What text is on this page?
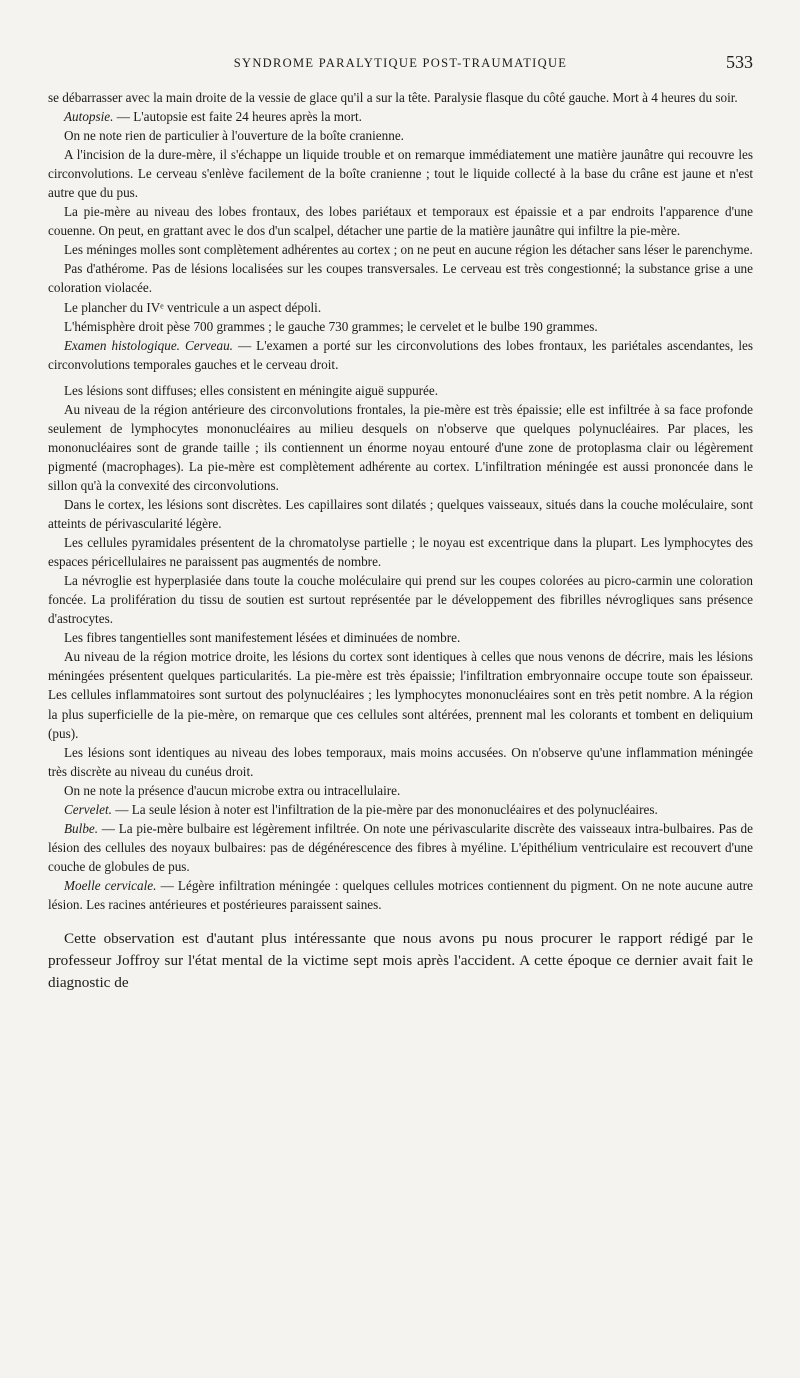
SYNDROME PARALYTIQUE POST-TRAUMATIQUE	533

se débarrasser avec la main droite de la vessie de glace qu'il a sur la tête. Paralysie flasque du côté gauche. Mort à 4 heures du soir.

Autopsie. — L'autopsie est faite 24 heures après la mort.

On ne note rien de particulier à l'ouverture de la boîte cranienne.

A l'incision de la dure-mère, il s'échappe un liquide trouble et on remarque immédiatement une matière jaunâtre qui recouvre les circonvolutions. Le cerveau s'enlève facilement de la boîte cranienne ; tout le liquide collecté à la base du crâne est jaune et n'est autre que du pus.

La pie-mère au niveau des lobes frontaux, des lobes pariétaux et temporaux est épaissie et a par endroits l'apparence d'une couenne. On peut, en grattant avec le dos d'un scalpel, détacher une partie de la matière jaunâtre qui infiltre la pie-mère.

Les méninges molles sont complètement adhérentes au cortex ; on ne peut en aucune région les détacher sans léser le parenchyme.

Pas d'athérome. Pas de lésions localisées sur les coupes transversales. Le cerveau est très congestionné; la substance grise a une coloration violacée.

Le plancher du IVᵉ ventricule a un aspect dépoli.

L'hémisphère droit pèse 700 grammes ; le gauche 730 grammes; le cervelet et le bulbe 190 grammes.

Examen histologique. Cerveau. — L'examen a porté sur les circonvolutions des lobes frontaux, les pariétales ascendantes, les circonvolutions temporales gauches et le cerveau droit.

Les lésions sont diffuses; elles consistent en méningite aiguë suppurée.

Au niveau de la région antérieure des circonvolutions frontales, la pie-mère est très épaissie; elle est infiltrée à sa face profonde seulement de lymphocytes mononucléaires au milieu desquels on n'observe que quelques polynucléaires. Par places, les mononucléaires sont de grande taille ; ils contiennent un énorme noyau entouré d'une zone de protoplasma clair ou légèrement pigmenté (macrophages). La pie-mère est complètement adhérente au cortex. L'infiltration méningée est aussi prononcée dans le sillon qu'à la convexité des circonvolutions.

Dans le cortex, les lésions sont discrètes. Les capillaires sont dilatés ; quelques vaisseaux, situés dans la couche moléculaire, sont atteints de périvascularité légère.

Les cellules pyramidales présentent de la chromatolyse partielle ; le noyau est excentrique dans la plupart. Les lymphocytes des espaces péricellulaires ne paraissent pas augmentés de nombre.

La névroglie est hyperplasiée dans toute la couche moléculaire qui prend sur les coupes colorées au picro-carmin une coloration foncée. La prolifération du tissu de soutien est surtout représentée par le développement des fibrilles névrogliques sans présence d'astrocytes.

Les fibres tangentielles sont manifestement lésées et diminuées de nombre.

Au niveau de la région motrice droite, les lésions du cortex sont identiques à celles que nous venons de décrire, mais les lésions méningées présentent quelques particularités. La pie-mère est très épaissie; l'infiltration embryonnaire occupe toute son épaisseur. Les cellules inflammatoires sont surtout des polynucléaires ; les lymphocytes mononucléaires sont en très petit nombre. A la région la plus superficielle de la pie-mère, on remarque que ces cellules sont altérées, prennent mal les colorants et tombent en deliquium (pus).

Les lésions sont identiques au niveau des lobes temporaux, mais moins accusées. On n'observe qu'une inflammation méningée très discrète au niveau du cunéus droit.

On ne note la présence d'aucun microbe extra ou intracellulaire.

Cervelet. — La seule lésion à noter est l'infiltration de la pie-mère par des mononucléaires et des polynucléaires.

Bulbe. — La pie-mère bulbaire est légèrement infiltrée. On note une périvascularite discrète des vaisseaux intra-bulbaires. Pas de lésion des cellules des noyaux bulbaires: pas de dégénérescence des fibres à myéline. L'épithélium ventriculaire est recouvert d'une couche de globules de pus.

Moelle cervicale. — Légère infiltration méningée : quelques cellules motrices contiennent du pigment. On ne note aucune autre lésion. Les racines antérieures et postérieures paraissent saines.

Cette observation est d'autant plus intéressante que nous avons pu nous procurer le rapport rédigé par le professeur Joffroy sur l'état mental de la victime sept mois après l'accident. A cette époque ce dernier avait fait le diagnostic de
